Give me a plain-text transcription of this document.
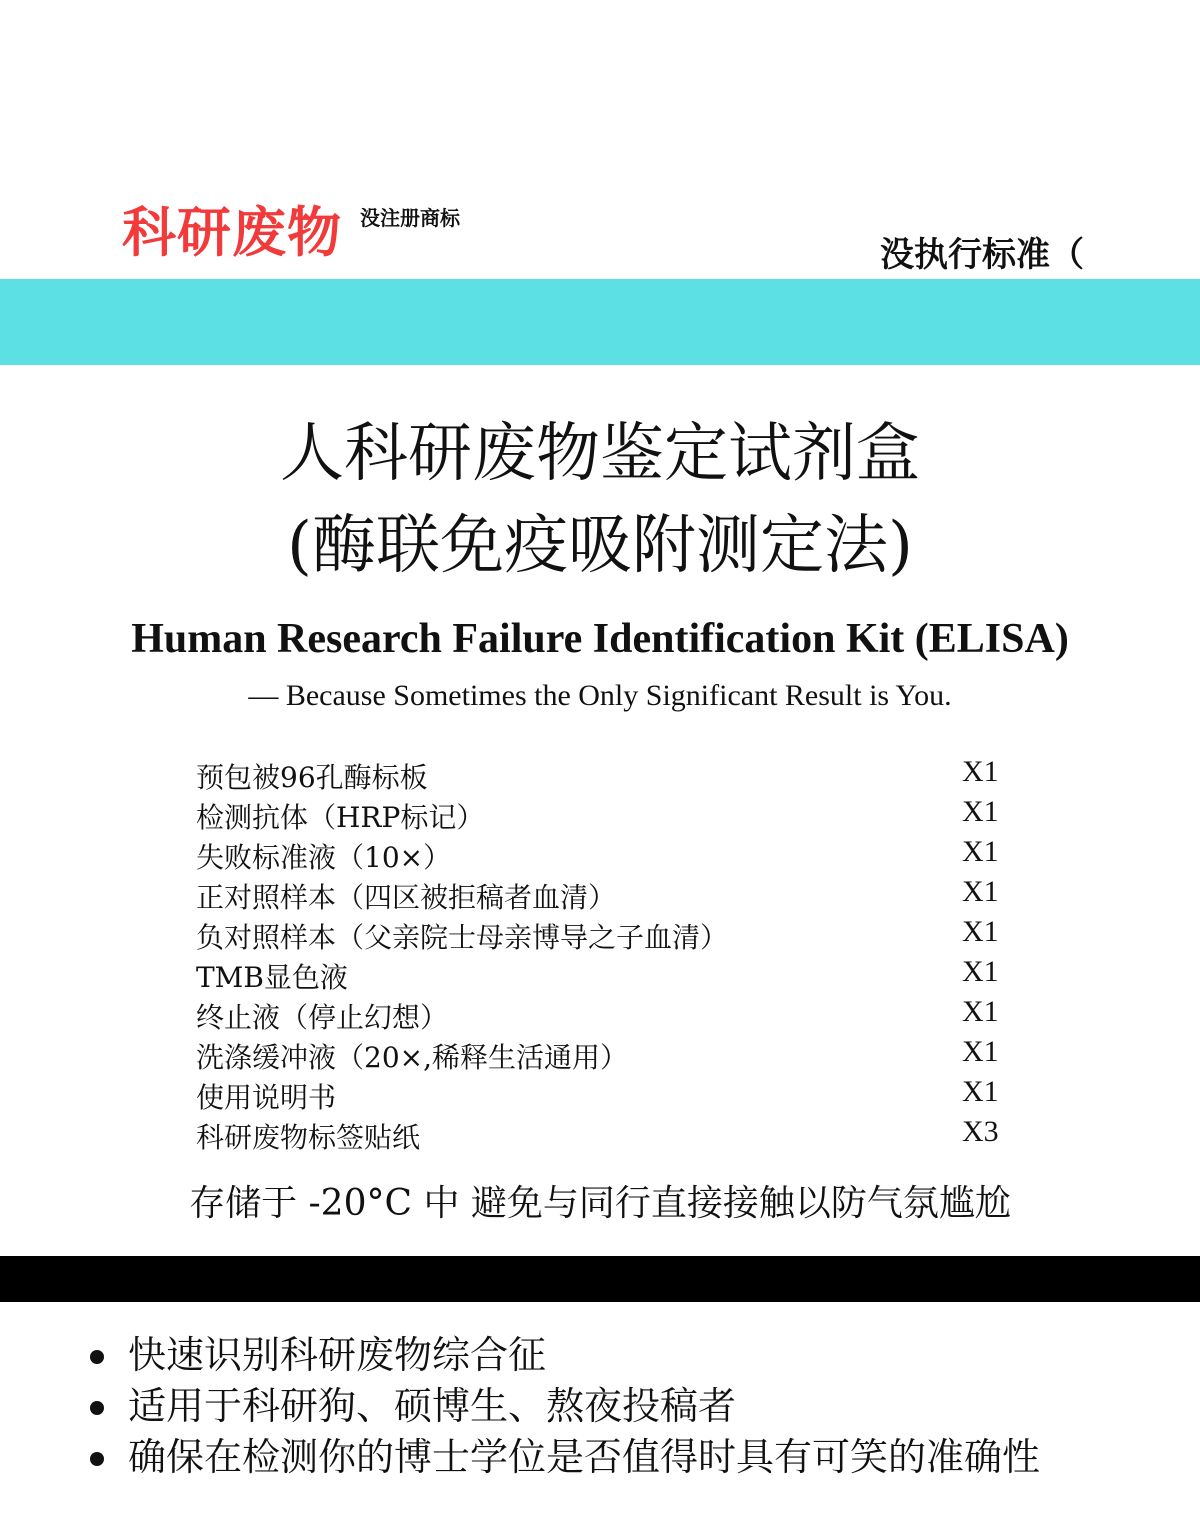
科研废物 没注册商标
没执行标准（
人科研废物鉴定试剂盒
(酶联免疫吸附测定法)
Human Research Failure Identification Kit (ELISA)
— Because Sometimes the Only Significant Result is You.
预包被96孔酶标板	X1
检测抗体（HRP标记）	X1
失败标准液（10×）	X1
正对照样本（四区被拒稿者血清）	X1
负对照样本（父亲院士母亲博导之子血清）	X1
TMB显色液	X1
终止液（停止幻想）	X1
洗涤缓冲液（20×,稀释生活通用）	X1
使用说明书	X1
科研废物标签贴纸	X3
存储于 -20°C 中 避免与同行直接接触以防气氛尴尬
快速识别科研废物综合征
适用于科研狗、硕博生、熬夜投稿者
确保在检测你的博士学位是否值得时具有可笑的准确性
